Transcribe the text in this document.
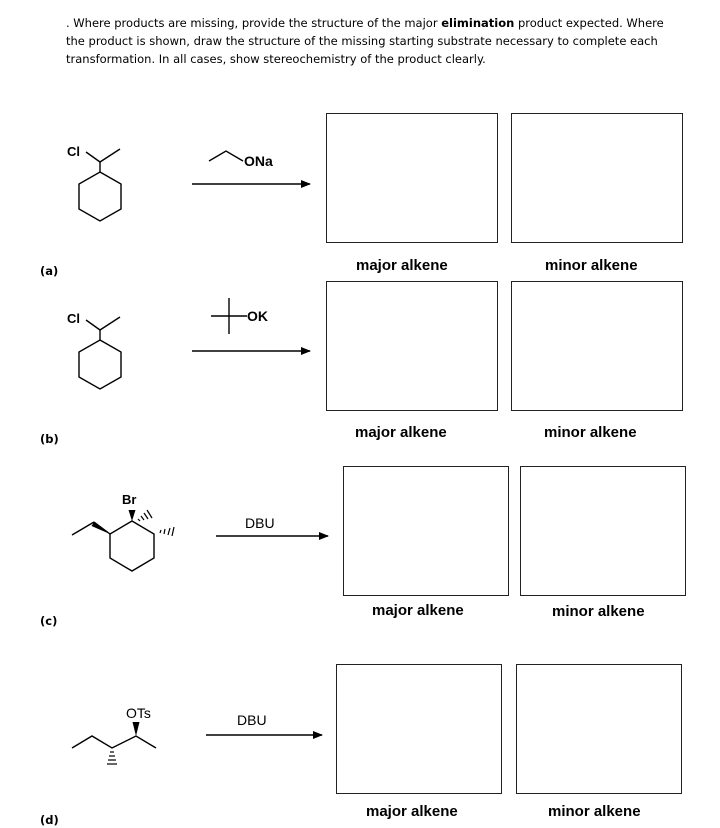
. Where products are missing, provide the structure of the major elimination product expected. Where the product is shown, draw the structure of the missing starting substrate necessary to complete each transformation. In all cases, show stereochemistry of the product clearly.
(a)
(b)
(c)
(d)
major alkene	minor alkene
major alkene	minor alkene
major alkene	minor alkene
major alkene	minor alkene
Cl
ONa
Cl	OK
Br
DBU
OTs	DBU
